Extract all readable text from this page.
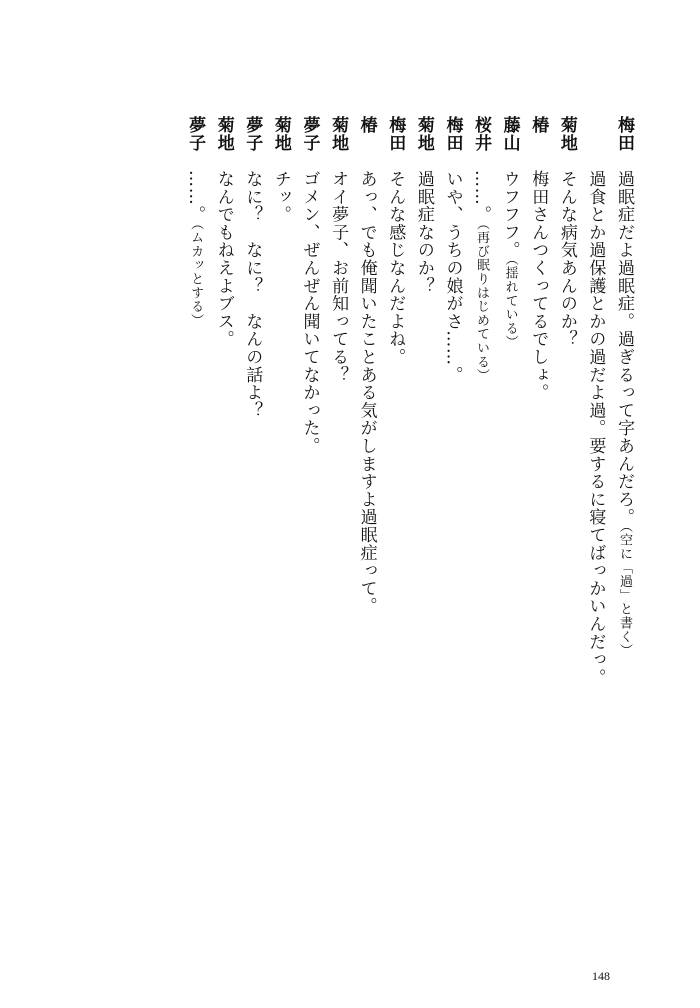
梅田過眠症だよ過眠症。過ぎるって字あんだろ。（空に「過」と書く）
過食とか過保護とかの過だよ過。要するに寝てばっかいんだっ。
菊地そんな病気あんのか？
椿梅田さんつくってるでしょ。
藤山ウフフフ。（揺れている）
桜井……。（再び眠りはじめている）
梅田いや、うちの娘がさ……。
菊地過眠症なのか？
梅田そんな感じなんだよね。
椿あっ、でも俺聞いたことある気がしますよ過眠症って。
菊地オイ夢子、お前知ってる？
夢子ゴメン、ぜんぜん聞いてなかった。
菊地チッ。
夢子なに？　なに？　なんの話よ？
菊地なんでもねえよブス。
夢子……。（ムカッとする）
148
